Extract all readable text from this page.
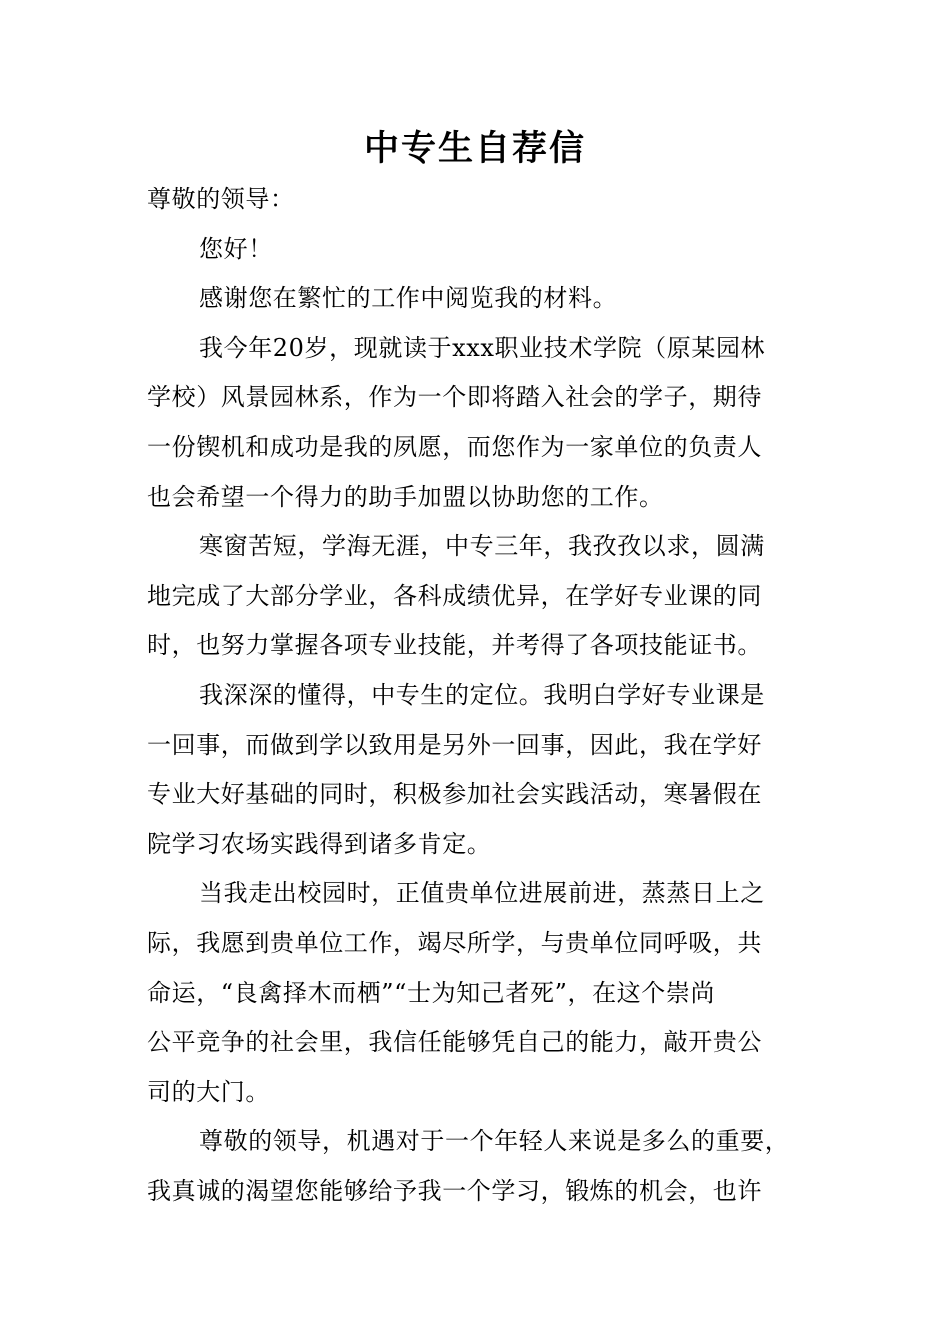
中专生自荐信
尊敬的领导：
您好！
感谢您在繁忙的工作中阅览我的材料。
我今年20岁，现就读于xxx职业技术学院（原某园林
学校）风景园林系，作为一个即将踏入社会的学子，期待
一份锲机和成功是我的夙愿，而您作为一家单位的负责人
也会希望一个得力的助手加盟以协助您的工作。
寒窗苦短，学海无涯，中专三年，我孜孜以求，圆满
地完成了大部分学业，各科成绩优异，在学好专业课的同
时，也努力掌握各项专业技能，并考得了各项技能证书。
我深深的懂得，中专生的定位。我明白学好专业课是
一回事，而做到学以致用是另外一回事，因此，我在学好
专业大好基础的同时，积极参加社会实践活动，寒暑假在
院学习农场实践得到诸多肯定。
当我走出校园时，正值贵单位进展前进，蒸蒸日上之
际，我愿到贵单位工作，竭尽所学，与贵单位同呼吸，共
命运，“良禽择木而栖”“士为知己者死”，在这个崇尚
公平竞争的社会里，我信任能够凭自己的能力，敲开贵公
司的大门。
尊敬的领导，机遇对于一个年轻人来说是多么的重要，
我真诚的渴望您能够给予我一个学习，锻炼的机会，也许
